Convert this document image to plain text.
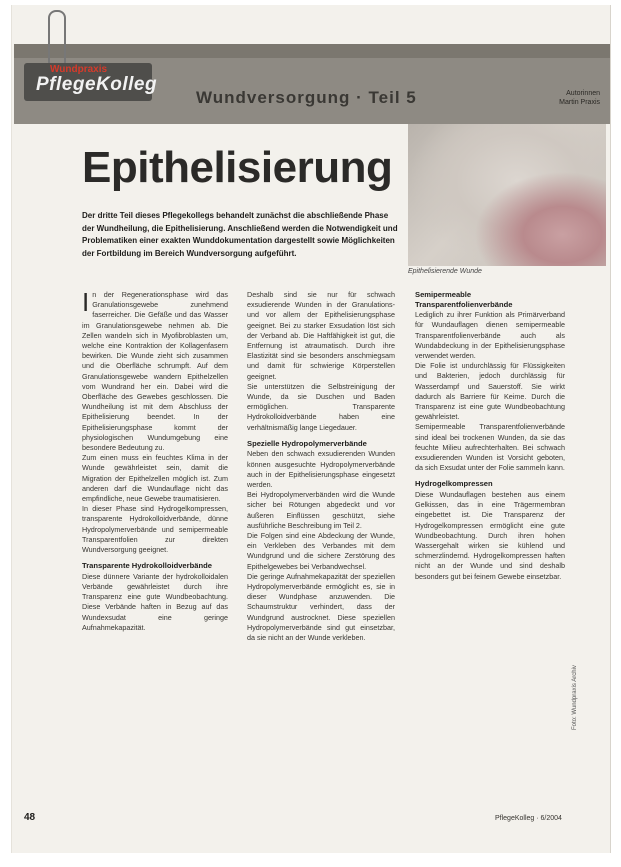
Wundpraxis
PflegeKolleg
Wundversorgung · Teil 5	Autorinnen
Martin Praxis
Epithelisierende Wunde
Epithelisierung
Der dritte Teil dieses Pflegekollegs behandelt zunächst die abschließende Phase der Wundheilung, die Epithelisierung. Anschließend werden die Notwendigkeit und Problematiken einer exakten Wunddokumentation dargestellt sowie Möglichkeiten der Fortbildung im Bereich Wundversorgung aufgeführt.

In der Regenerationsphase wird das Granulationsgewebe zunehmend faserreicher. Die Gefäße und das Wasser im Granulationsgewebe nehmen ab. Die Zellen wandeln sich in Myofibroblasten um, welche eine Kontraktion der Kollagenfasern bewirken. Die Wunde zieht sich zusammen und die Oberfläche schrumpft. Auf dem Granulationsgewebe wandern Epithelzellen vom Wundrand her ein. Dabei wird die Oberfläche des Gewebes geschlossen. Die Wundheilung ist mit dem Abschluss der Epithelisierung beendet. In der Epithelisierungsphase kommt der physiologischen Wundumgebung eine besondere Bedeutung zu.

Zum einen muss ein feuchtes Klima in der Wunde gewährleistet sein, damit die Migration der Epithelzellen möglich ist. Zum anderen darf die Wundauflage nicht das empfindliche, neue Gewebe traumatisieren.

In dieser Phase sind Hydrogelkompressen, transparente Hydrokolloidverbände, dünne Hydropolymerverbände und semipermeable Transparentfolien zur direkten Wundversorgung geeignet.

Transparente Hydrokolloidverbände

Diese dünnere Variante der hydrokolloidalen Verbände gewährleistet durch ihre Transparenz eine gute Wundbeobachtung. Diese Verbände haften in Bezug auf das Wundexsudat eine geringe Aufnahmekapazität.

Deshalb sind sie nur für schwach exsudierende Wunden in der Granulations- und vor allem der Epithelisierungsphase geeignet. Bei zu starker Exsudation löst sich der Verband ab. Die Haftfähigkeit ist gut, die Entfernung ist atraumatisch. Durch ihre Elastizität sind sie besonders anschmiegsam und damit für schwierige Körperstellen geeignet.

Sie unterstützen die Selbstreinigung der Wunde, da sie Duschen und Baden ermöglichen. Transparente Hydrokolloidverbände haben eine verhältnismäßig lange Liegedauer.

Spezielle Hydropolymerverbände

Neben den schwach exsudierenden Wunden können ausgesuchte Hydropolymerverbände auch in der Epithelisierungsphase eingesetzt werden.

Bei Hydropolymerverbänden wird die Wunde sicher bei Rötungen abgedeckt und vor äußeren Einflüssen geschützt, siehe ausführliche Beschreibung im Teil 2.

Die Folgen sind eine Abdeckung der Wunde, ein Verkleben des Verbandes mit dem Wundgrund und die sichere Zerstörung des Epithelgewebes bei Verbandwechsel.

Die geringe Aufnahmekapazität der speziellen Hydropolymerverbände ermöglicht es, sie in dieser Wundphase anzuwenden. Die Schaumstruktur verhindert, dass der Wundgrund austrocknet. Diese speziellen Hydropolymerverbände sind gut einsetzbar, da sie nicht an der Wunde verkleben.

Semipermeable Transparentfolienverbände

Lediglich zu ihrer Funktion als Primärverband für Wundauflagen dienen semipermeable Transparentfolienverbände auch als Wundabdeckung in der Epithelisierungsphase verwendet werden.

Die Folie ist undurchlässig für Flüssigkeiten und Bakterien, jedoch durchlässig für Wasserdampf und Sauerstoff. Sie wirkt dadurch als Barriere für Keime. Durch die Transparenz ist eine gute Wundbeobachtung gewährleistet.

Semipermeable Transparentfolienverbände sind ideal bei trockenen Wunden, da sie das feuchte Milieu aufrechterhalten. Bei schwach exsudierenden Wunden ist Vorsicht geboten, da sich Exsudat unter der Folie sammeln kann.

Hydrogelkompressen

Diese Wundauflagen bestehen aus einem Gelkissen, das in eine Trägermembran eingebettet ist. Die Transparenz der Hydrogelkompressen ermöglicht eine gute Wundbeobachtung. Durch ihren hohen Wassergehalt wirken sie kühlend und schmerzlindernd. Hydrogelkompressen haften nicht an der Wunde und sind deshalb besonders gut bei feinem Gewebe einsetzbar.

Foto: Wundpraxis Archiv
48	PflegeKolleg · 6/2004
